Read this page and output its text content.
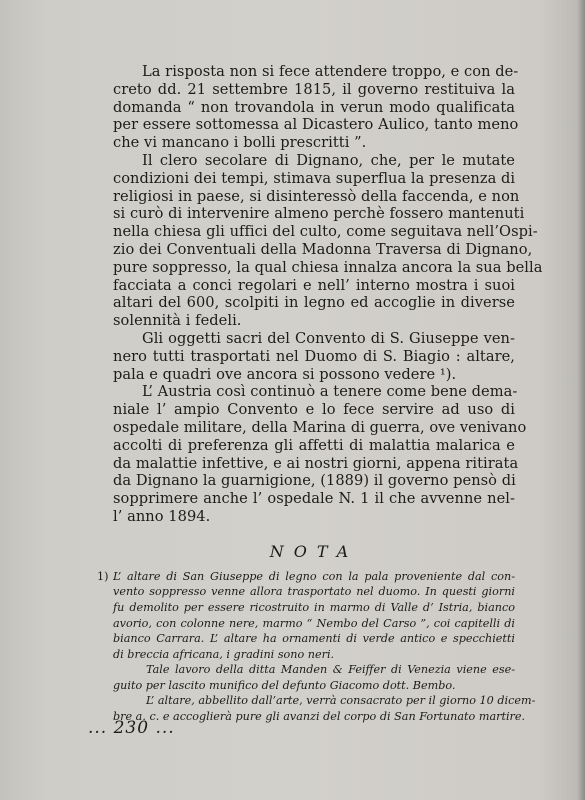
La risposta non si fece attendere troppo, e con de-
creto dd. 21 settembre 1815, il governo restituiva la
domanda “ non trovandola in verun modo qualificata
per essere sottomessa al Dicastero Aulico, tanto meno
che vi mancano i bolli prescritti ”.
Il clero secolare di Dignano, che, per le mutate
condizioni dei tempi, stimava superflua la presenza di
religiosi in paese, si disinteressò della faccenda, e non
si curò di intervenire almeno perchè fossero mantenuti
nella chiesa gli uffici del culto, come seguitava nell’Ospi-
zio dei Conventuali della Madonna Traversa di Dignano,
pure soppresso, la qual chiesa innalza ancora la sua bella
facciata a conci regolari e nell’ interno mostra i suoi
altari del 600, scolpiti in legno ed accoglie in diverse
solennità i fedeli.
Gli oggetti sacri del Convento di S. Giuseppe ven-
nero tutti trasportati nel Duomo di S. Biagio : altare,
pala e quadri ove ancora si possono vedere ¹).
L’ Austria così continuò a tenere come bene dema-
niale l’ ampio Convento e lo fece servire ad uso di
ospedale militare, della Marina di guerra, ove venivano
accolti di preferenza gli affetti di malattia malarica e
da malattie infettive, e ai nostri giorni, appena ritirata
da Dignano la guarnigione, (1889) il governo pensò di
sopprimere anche l’ ospedale N. 1 il che avvenne nel-
l’ anno 1894.

NOTA
1) L’ altare di San Giuseppe di legno con la pala proveniente dal con-
vento soppresso venne allora trasportato nel duomo. In questi giorni
fu demolito per essere ricostruito in marmo di Valle d’ Istria, bianco
avorio, con colonne nere, marmo “ Nembo del Carso ”, coi capitelli di
bianco Carrara. L’ altare ha ornamenti di verde antico e specchietti
di breccia africana, i gradini sono neri.
Tale lavoro della ditta Manden & Feiffer di Venezia viene ese-
guito per lascito munifico del defunto Giacomo dott. Bembo.
L’ altare, abbellito dall’arte, verrà consacrato per il giorno 10 dicem-
bre a. c. e accoglierà pure gli avanzi del corpo di San Fortunato martire.
... 230 ...
